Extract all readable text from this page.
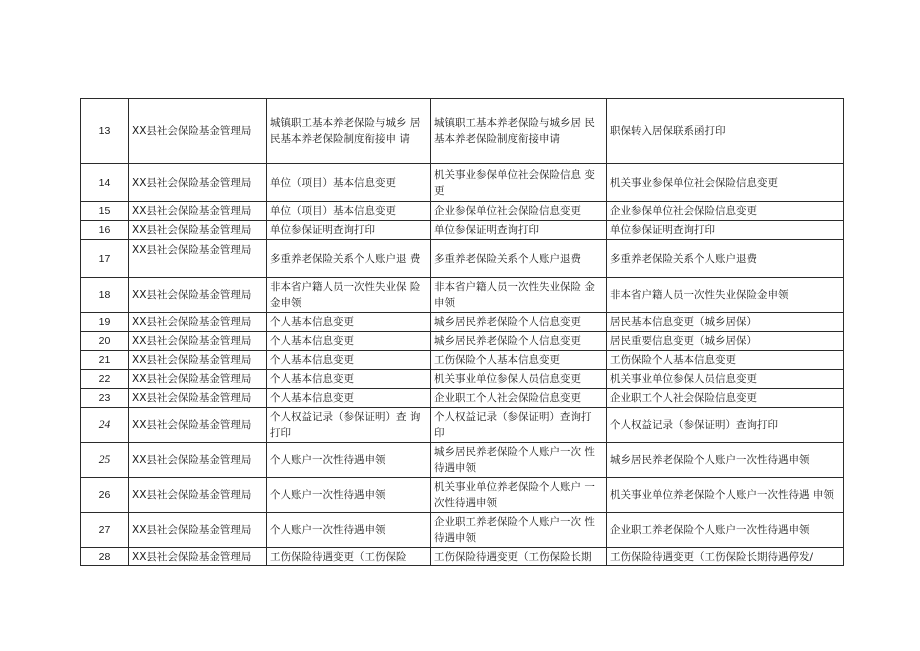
13	XX县社会保险基金管理局	城镇职工基本养老保险与城乡 居民基本养老保险制度衔接申 请	城镇职工基本养老保险与城乡居 民基本养老保险制度衔接申请	职保转入居保联系函打印
14	XX县社会保险基金管理局	单位（项目）基本信息变更	机关事业参保单位社会保险信息 变更	机关事业参保单位社会保险信息变更
15	XX县社会保险基金管理局	单位（项目）基本信息变更	企业参保单位社会保险信息变更	企业参保单位社会保险信息变更
16	XX县社会保险基金管理局	单位参保证明查询打印	单位参保证明查询打印	单位参保证明查询打印
17	XX县社会保险基金管理局	多重养老保险关系个人账户退 费	多重养老保险关系个人账户退费	多重养老保险关系个人账户退费
18	XX县社会保险基金管理局	非本省户籍人员一次性失业保 险金申领	非本省户籍人员一次性失业保险 金申领	非本省户籍人员一次性失业保险金申领
19	XX县社会保险基金管理局	个人基本信息变更	城乡居民养老保险个人信息变更	居民基本信息变更（城乡居保）
20	XX县社会保险基金管理局	个人基本信息变更	城乡居民养老保险个人信息变更	居民重要信息变更（城乡居保）
21	XX县社会保险基金管理局	个人基本信息变更	工伤保险个人基本信息变更	工伤保险个人基本信息变更
22	XX县社会保险基金管理局	个人基本信息变更	机关事业单位参保人员信息变更	机关事业单位参保人员信息变更
23	XX县社会保险基金管理局	个人基本信息变更	企业职工个人社会保险信息变更	企业职工个人社会保险信息变更
24	XX县社会保险基金管理局	个人权益记录（参保证明）查 询打印	个人权益记录（参保证明）查询打 印	个人权益记录（参保证明）查询打印
25	XX县社会保险基金管理局	个人账户一次性待遇申领	城乡居民养老保险个人账户一次 性待遇申领	城乡居民养老保险个人账户一次性待遇申领
26	XX县社会保险基金管理局	个人账户一次性待遇申领	机关事业单位养老保险个人账户 一次性待遇申领	机关事业单位养老保险个人账户一次性待遇 申领
27	XX县社会保险基金管理局	个人账户一次性待遇申领	企业职工养老保险个人账户一次 性待遇申领	企业职工养老保险个人账户一次性待遇申领
28	XX县社会保险基金管理局	工伤保险待遇变更（工伤保险	工伤保险待遇变更（工伤保险长期	工伤保险待遇变更（工伤保险长期待遇停发/
